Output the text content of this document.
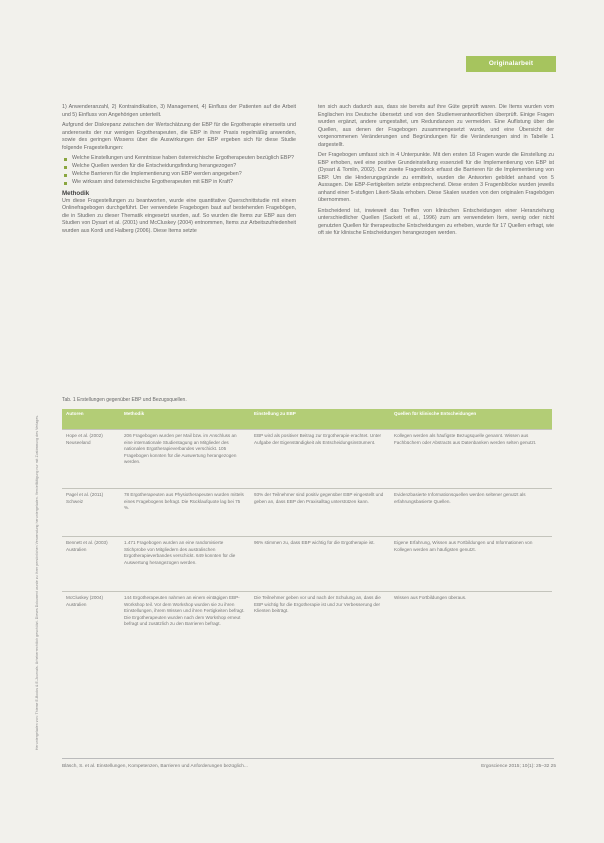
Heruntergeladen von: Thieme E-Books & E-Journals. Urheberrechtlich geschützt. Dieses Dokument wurde zu Ihrer persönlichen Verwendung heruntergeladen. Vervielfältigung nur mit Zustimmung des Verlages.
Originalarbeit

1) Anwenderanzahl, 2) Kontraindikation, 3) Management, 4) Einfluss der Patienten auf die Arbeit und 5) Einfluss von Angehörigen unterteilt.

Aufgrund der Diskrepanz zwischen der Wertschätzung der EBP für die Ergotherapie einerseits und andererseits der nur wenigen Ergotherapeuten, die EBP in ihrer Praxis regelmäßig anwenden, sowie des geringen Wissens über die Auswirkungen der EBP ergeben sich für diese Studie folgende Fragestellungen:

Welche Einstellungen und Kenntnisse haben österreichische Ergotherapeuten bezüglich EBP?
Welche Quellen werden für die Entscheidungsfindung herangezogen?
Welche Barrieren für die Implementierung von EBP werden angegeben?
Wie wirksam sind österreichische Ergotherapeuten mit EBP in Kraft?
Methodik

Um diese Fragestellungen zu beantworten, wurde eine quantitative Querschnittstudie mit einem Onlinefragebogen durchgeführt. Der verwendete Fragebogen baut auf bestehenden Fragebögen, die in Studien zu dieser Thematik eingesetzt wurden, auf. So wurden die Items zur EBP aus den Studien von Dysart et al. (2001) und McCluskey (2004) entnommen, Items zur Arbeitszufriedenheit wurden aus Kordi und Halberg (2006). Diese Items setzte

ten sich auch dadurch aus, dass sie bereits auf ihre Güte geprüft waren. Die Items wurden vom Englischen ins Deutsche übersetzt und von den Studienverantwortlichen überprüft. Einige Fragen wurden ergänzt, andere umgestaltet, um Redundanzen zu vermeiden. Eine Auflistung über die Quellen, aus denen der Fragebogen zusammengesetzt wurde, und eine Übersicht der vorgenommenen Veränderungen und Begründungen für die Veränderungen sind in Tabelle 1 dargestellt.

Der Fragebogen umfasst sich in 4 Unterpunkte. Mit den ersten 18 Fragen wurde die Einstellung zu EBP erhoben, weil eine positive Grundeinstellung essenziell für die Implementierung von EBP ist (Dysart & Tomlin, 2002). Der zweite Fragenblock erfasst die Barrieren für die Implementierung von EBP. Um die Hinderungsgründe zu ermitteln, wurden die Antworten gebildet anhand von 5 Aussagen. Die EBP-Fertigkeiten setzte entsprechend. Diese ersten 3 Fragenblöcke wurden jeweils anhand einer 5-stufigen Likert-Skala erhoben. Diese Skalen wurden von den originalen Fragebögen übernommen.

Entscheidend ist, inwieweit das Treffen von klinischen Entscheidungen einer Heranziehung unterschiedlicher Quellen (Sackett et al., 1996) zum am verwendeten Item, wenig oder nicht genutzten Quellen für therapeutische Entscheidungen zu erheben, wurde für 17 Quellen erfragt, wie oft sie für klinische Entscheidungen herangezogen werden.

Tab. 1 Erstellungen gegenüber EBP und Bezugsquellen.
Autoren	Methodik	Einstellung zu EBP	Quellen für klinische Entscheidungen
Hope et al. (2002) Neuseeland	206 Fragebogen wurden per Mail bzw. im Anschluss an eine internationale Studientagung an Mitglieder des nationalen Ergotherapieverbandes verschickt. 105 Fragebogen konnten für die Auswertung herangezogen werden.	EBP wird als positiver Beitrag zur Ergotherapie erachtet. Unter Aufgabe der Eigenständigkeit als Entscheidungsinstrument.	Kollegen werden als häufigste Bezugsquelle genannt. Wissen aus Fachbüchern oder Abstracts aus Datenbanken werden selten genutzt.
Pagel et al. (2011) Schweiz	78 Ergotherapeuten aus Physiotherapeuten wurden mittels eines Fragebogens befragt. Die Rücklaufquote lag bei 75 %.	93% der Teilnehmer sind positiv gegenüber EBP eingestellt und geben an, dass EBP den Praxisalltag unterstützen kann.	Evidenzbasierte Informationsquellen werden seltener genutzt als erfahrungsbasierte Quellen.
Bennett et al. (2003) Australien	1.471 Fragebogen wurden an eine randomisierte Stichprobe von Mitgliedern des australischen Ergotherapieverbandes verschickt. 649 konnten für die Auswertung herangezogen werden.	96% stimmen zu, dass EBP wichtig für die Ergotherapie ist.	Eigene Erfahrung, Wissen aus Fortbildungen und Informationen von Kollegen werden am häufigsten genutzt.
McCluskey (2004) Australien	144 Ergotherapeuten nahmen an einem eintägigen EBP-Workshop teil. Vor dem Workshop wurden sie zu ihren Einstellungen, ihrem Wissen und ihren Fertigkeiten befragt. Die Ergotherapeuten wurden nach dem Workshop erneut befragt und zusätzlich zu den Barrieren befragt.	Die Teilnehmer geben vor und nach der Schulung an, dass die EBP wichtig für die Ergotherapie ist und zur Verbesserung der Klienten beiträgt.	Wissen aus Fortbildungen überaus.
Bläsch, S. et al. Einstellungen, Kompetenzen, Barrieren und Anforderungen bezüglich...	Ergoscience 2015; 10(1): 25–32 25
